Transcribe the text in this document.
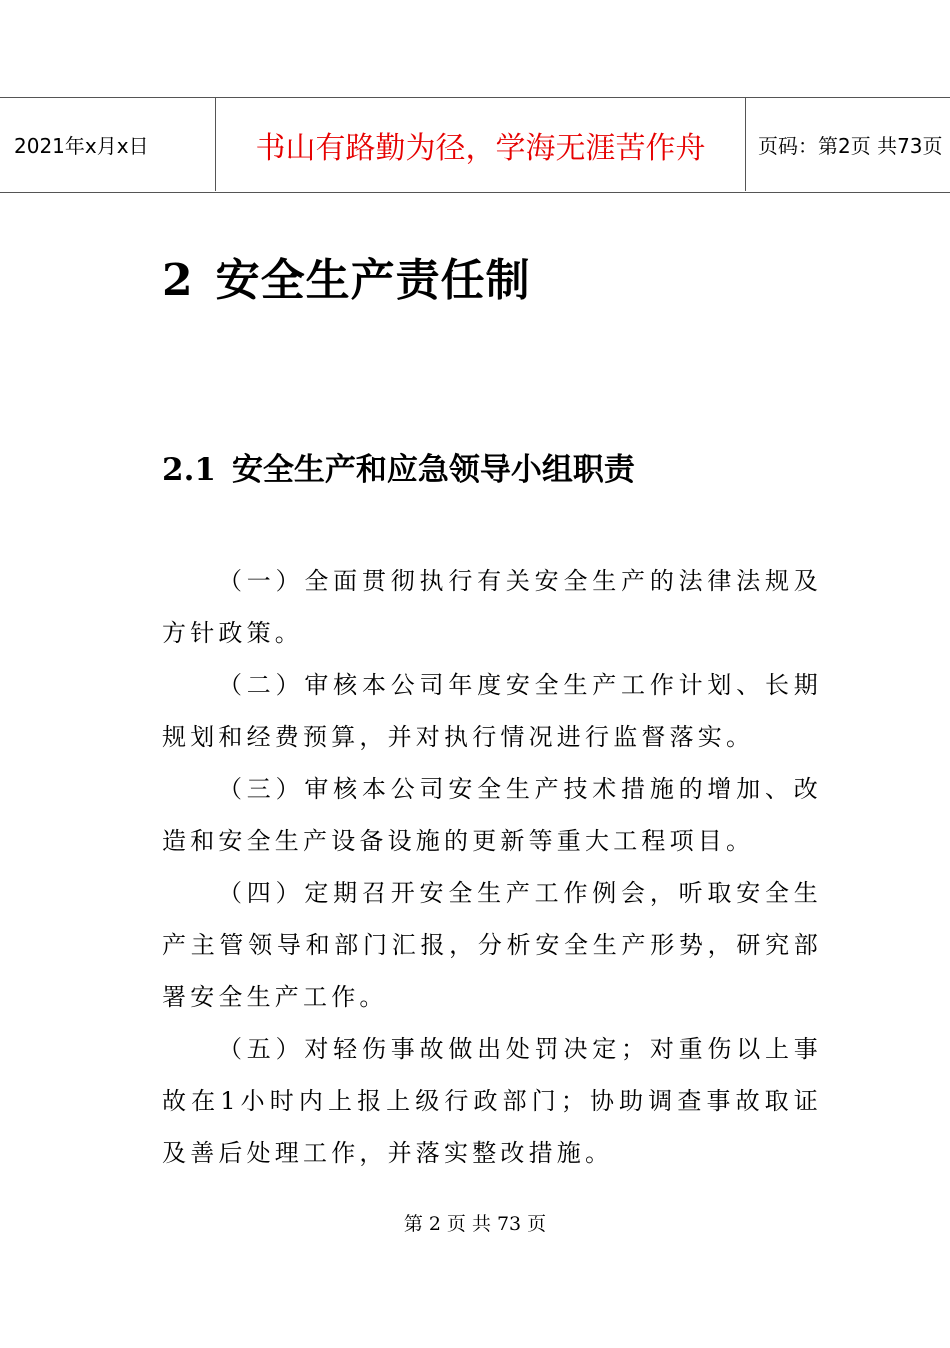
2021年x月x日	书山有路勤为径，学海无涯苦作舟	页码：第2页 共73页
2 安全生产责任制
2.1 安全生产和应急领导小组职责

（一）全面贯彻执行有关安全生产的法律法规及方针政策。

（二）审核本公司年度安全生产工作计划、长期规划和经费预算，并对执行情况进行监督落实。

（三）审核本公司安全生产技术措施的增加、改造和安全生产设备设施的更新等重大工程项目。

（四）定期召开安全生产工作例会，听取安全生产主管领导和部门汇报，分析安全生产形势，研究部署安全生产工作。

（五）对轻伤事故做出处罚决定；对重伤以上事故在1小时内上报上级行政部门；协助调查事故取证及善后处理工作，并落实整改措施。

第 2 页 共 73 页
